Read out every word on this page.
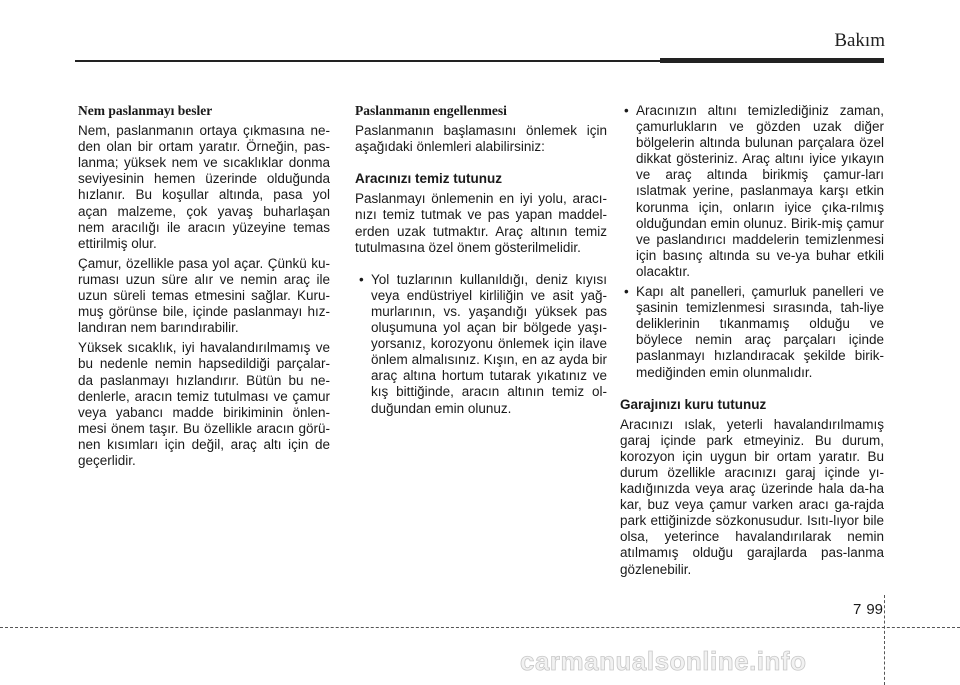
Bakım
Nem paslanmayı besler

Nem, paslanmanın ortaya çıkmasına ne-den olan bir ortam yaratır. Örneğin, pas-lanma; yüksek nem ve sıcaklıklar donma seviyesinin hemen üzerinde olduğunda hızlanır. Bu koşullar altında, pasa yol açan malzeme, çok yavaş buharlaşan nem aracılığı ile aracın yüzeyine temas ettirilmiş olur.

Çamur, özellikle pasa yol açar. Çünkü ku-ruması uzun süre alır ve nemin araç ile uzun süreli temas etmesini sağlar. Kuru-muş görünse bile, içinde paslanmayı hız-landıran nem barındırabilir.

Yüksek sıcaklık, iyi havalandırılmamış ve bu nedenle nemin hapsedildiği parçalar-da paslanmayı hızlandırır. Bütün bu ne-denlerle, aracın temiz tutulması ve çamur veya yabancı madde birikiminin önlen-mesi önem taşır. Bu özellikle aracın görü-nen kısımları için değil, araç altı için de geçerlidir.

Paslanmanın engellenmesi

Paslanmanın başlamasını önlemek için aşağıdaki önlemleri alabilirsiniz:

Aracınızı temiz tutunuz

Paslanmayı önlemenin en iyi yolu, aracı-nızı temiz tutmak ve pas yapan maddel-erden uzak tutmaktır. Araç altının temiz tutulmasına özel önem gösterilmelidir.

• Yol tuzlarının kullanıldığı, deniz kıyısı veya endüstriyel kirliliğin ve asit yağ-murlarının, vs. yaşandığı yüksek pas oluşumuna yol açan bir bölgede yaşı-yorsanız, korozyonu önlemek için ilave önlem almalısınız. Kışın, en az ayda bir araç altına hortum tutarak yıkatınız ve kış bittiğinde, aracın altının temiz ol-duğundan emin olunuz.
• Aracınızın altını temizlediğiniz zaman, çamurlukların ve gözden uzak diğer bölgelerin altında bulunan parçalara özel dikkat gösteriniz. Araç altını iyice yıkayın ve araç altında birikmiş çamur-ları ıslatmak yerine, paslanmaya karşı etkin korunma için, onların iyice çıka-rılmış olduğundan emin olunuz. Birik-miş çamur ve paslandırıcı maddelerin temizlenmesi için basınç altında su ve-ya buhar etkili olacaktır.
• Kapı alt panelleri, çamurluk panelleri ve şasinin temizlenmesi sırasında, tah-liye deliklerinin tıkanmamış olduğu ve böylece nemin araç parçaları içinde paslanmayı hızlandıracak şekilde birik-mediğinden emin olunmalıdır.
Garajınızı kuru tutunuz

Aracınızı ıslak, yeterli havalandırılmamış garaj içinde park etmeyiniz. Bu durum, korozyon için uygun bir ortam yaratır. Bu durum özellikle aracınızı garaj içinde yı-kadığınızda veya araç üzerinde hala da-ha kar, buz veya çamur varken aracı ga-rajda park ettiğinizde sözkonusudur. Isıtı-lıyor bile olsa, yeterince havalandırılarak nemin atılmamış olduğu garajlarda pas-lanma gözlenebilir.

7 99
carmanualsonline.info
